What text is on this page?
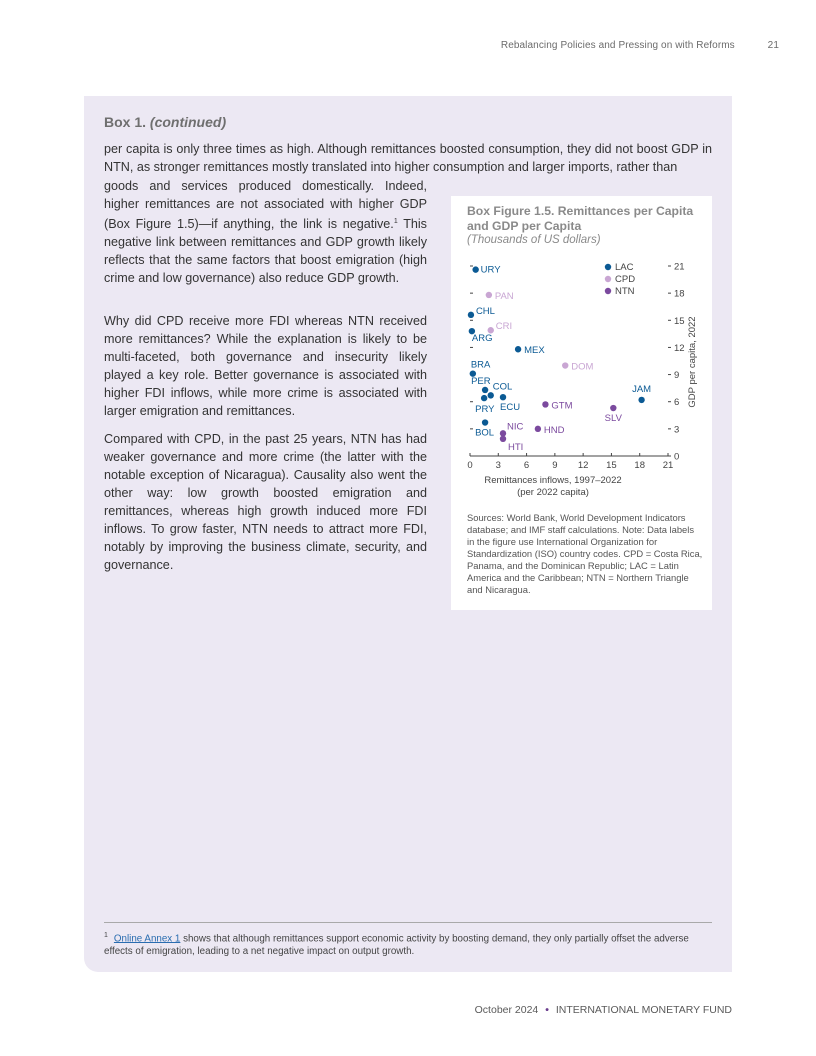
Rebalancing Policies and Pressing on with Reforms	21
Box 1. (continued)
per capita is only three times as high. Although remittances boosted consumption, they did not boost GDP in NTN, as stronger remittances mostly translated into higher consumption and larger imports, rather than
goods and services produced domestically. Indeed, higher remittances are not associated with higher GDP (Box Figure 1.5)—if anything, the link is negative.$^1$ This negative link between remittances and GDP growth likely reflects that the same factors that boost emigration (high crime and low governance) also reduce GDP growth.
Why did CPD receive more FDI whereas NTN received more remittances? While the explanation is likely to be multi-faceted, both governance and insecurity likely played a key role. Better governance is associated with higher FDI inflows, while more crime is associated with larger emigration and remittances.
Compared with CPD, in the past 25 years, NTN has had weaker governance and more crime (the latter with the notable exception of Nicaragua). Causality also went the other way: low growth boosted emigration and remittances, whereas high growth induced more FDI inflows. To grow faster, NTN needs to attract more FDI, notably by improving the business climate, security, and governance.
Box Figure 1.5. Remittances per Capita and GDP per Capita
(Thousands of US dollars)
0 3 6 9 12 15 18 21
0
3
6
9
12
15
18
21
URY
CHL
ARG
MEX
BRA
PER COL
ECU
PRY
BOL
JAM
PAN
CRI
DOM
GTM
HND
SLV
NIC
HTI
LAC
CPD
NTN
Remittances inflows, 1997–2022
(per 2022 capita)
GDP per capita, 2022
Sources: World Bank, World Development Indicators database; and IMF staff calculations. Note: Data labels in the figure use International Organization for Standardization (ISO) country codes. CPD = Costa Rica, Panama, and the Dominican Republic; LAC = Latin America and the Caribbean; NTN = Northern Triangle and Nicaragua.
$^1$ Online Annex 1 shows that although remittances support economic activity by boosting demand, they only partially offset the adverse effects of emigration, leading to a net negative impact on output growth.
October 2024 • INTERNATIONAL MONETARY FUND
